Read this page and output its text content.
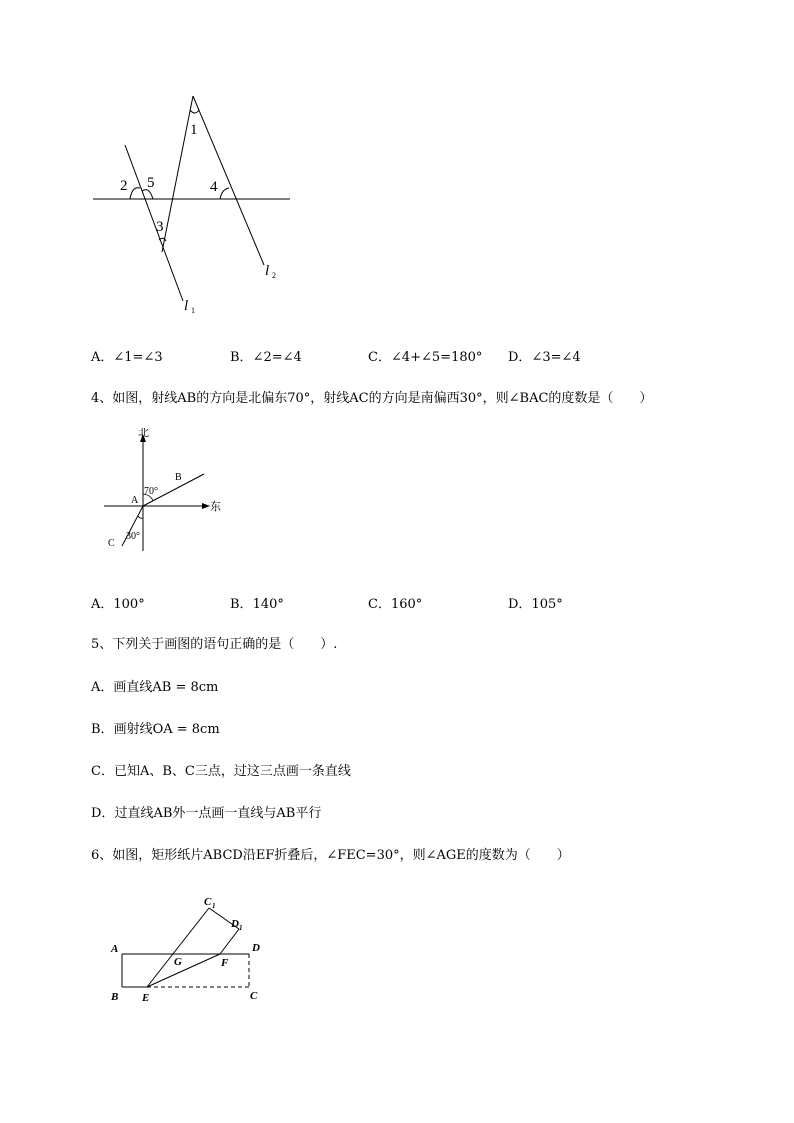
1
2 5	4
3
l 1
l 2
A．∠1=∠3	B．∠2=∠4	C．∠4+∠5=180° D．∠3=∠4
4、如图，射线AB的方向是北偏东70°，射线AC的方向是南偏西30°，则∠BAC的度数是（　　）
北
东
A
B
C
70°
30°
A．100°	B．140°	C．160°	D．105°
5、下列关于画图的语句正确的是（　　）.
A．画直线AB = 8cm
B．画射线OA = 8cm
C．已知A、B、C三点，过这三点画一条直线
D．过直线AB外一点画一直线与AB平行
6、如图，矩形纸片ABCD沿EF折叠后，∠FEC=30°，则∠AGE的度数为（　　）
A
B	C
D
E
F
G
C 1
D 1
